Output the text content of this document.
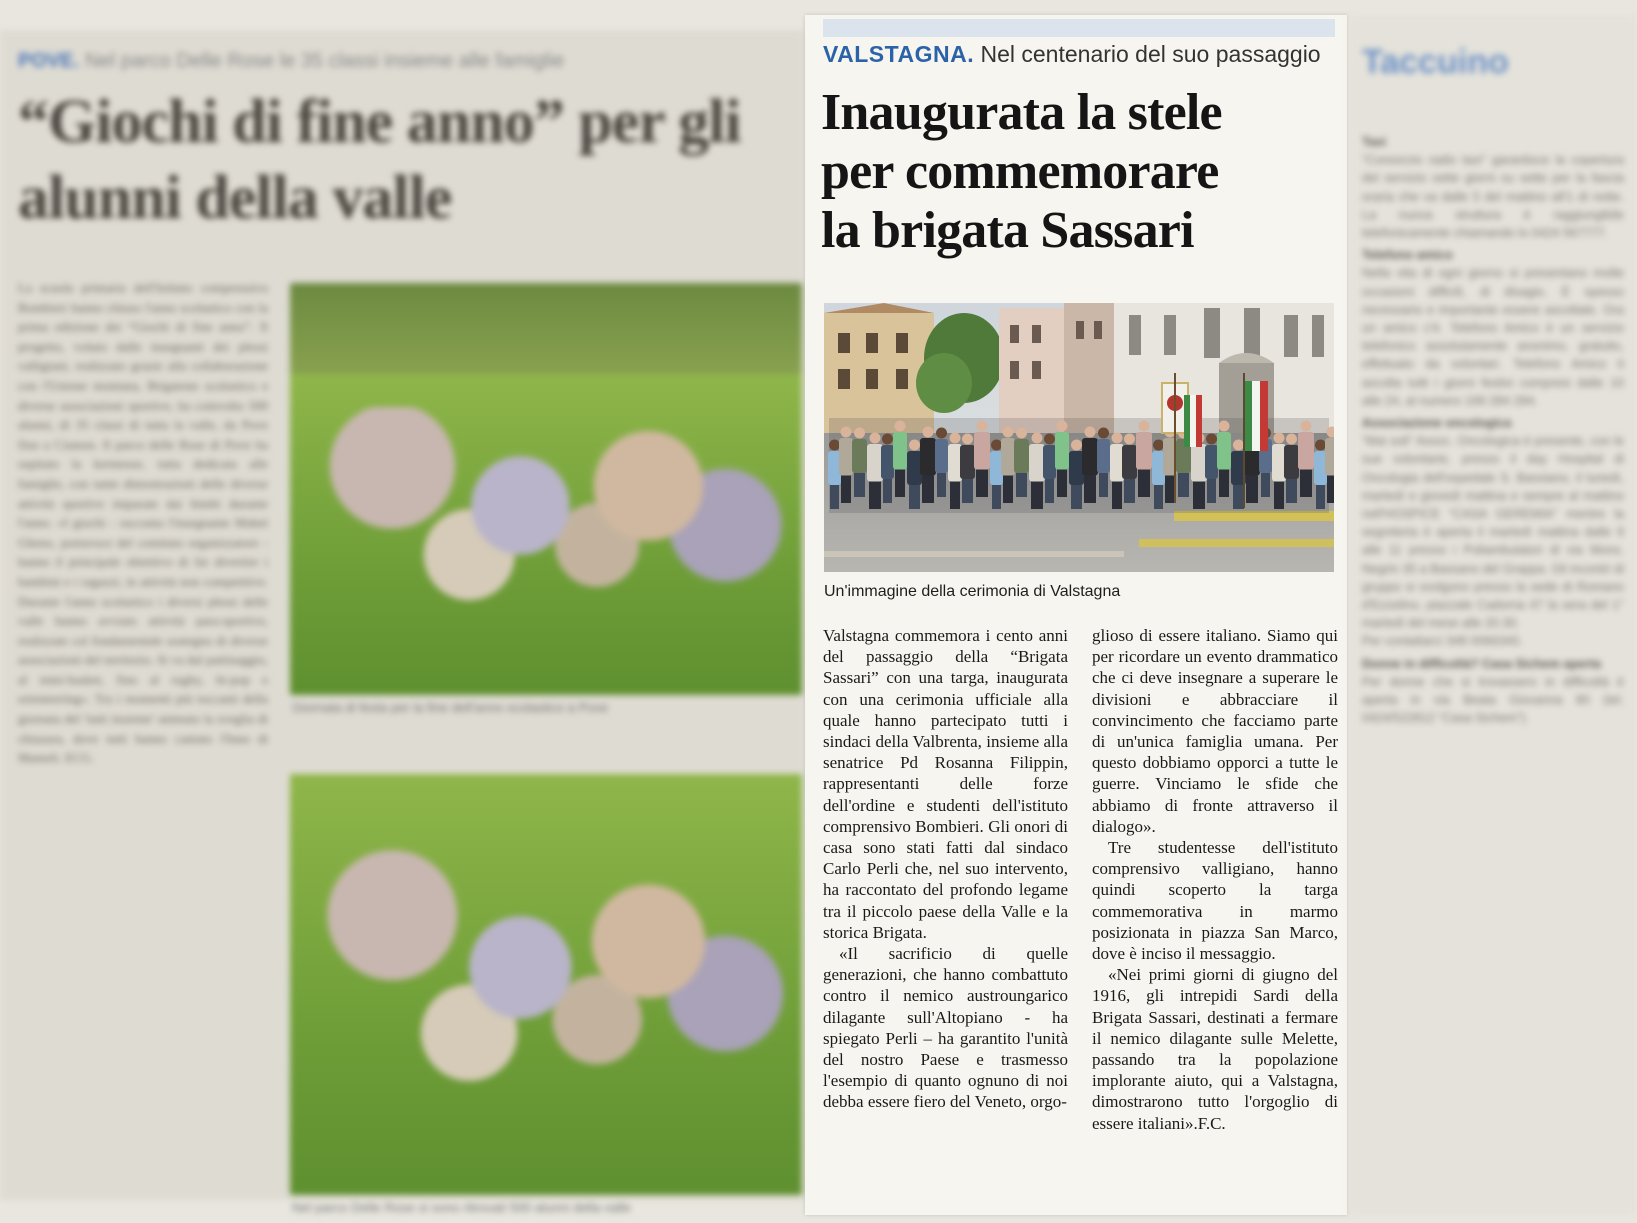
POVE. Nel parco Delle Rose le 35 classi insieme alle famiglie
“Giochi di fine anno” per gli alunni della valle
La scuola primaria dell'Istituto comprensivo Bombieri hanno chiuso l'anno scolastico con la prima edizione dei “Giochi di fine anno”. Il progetto, voluto dalle insegnanti dei plessi valligiani, realizzato grazie alla collaborazione con l'Unione montana, Brigatone scolastico e diverse associazioni sportive, ha coinvolto 500 alunni, di 35 classi di tutta la valle, da Pove fino a Cismon. Il parco delle Rose di Pove ha ospitato la kermesse, tutta dedicata alle famiglie, con tante dimostrazioni delle diverse attività sportive imparate dai bimbi durante l'anno. «I giochi - racconta l'insegnante Mabel Gheno, portavoce del comitato organizzatore - hanno il principale obiettivo di far divertire i bambini e i ragazzi, in attività non competitive. Durante l'anno scolastico i diversi plessi delle valle hanno avviato attività para-sportive, realizzate col fondamentale sostegno di diverse associazioni del territorio. Si va dal pattinaggio, al mini-basket, fino al rugby, hi-pop e orienteering». Tra i momenti più toccanti della giornata del 'tutti insieme' animato la sveglia di chiusura, dove tutti hanno cantato l'Inno di Mameli. ECG.
Giornata di festa per la fine dell'anno scolastico a Pove
Nel parco Delle Rose si sono ritrovati 500 alunni della valle
VALSTAGNA. Nel centenario del suo passaggio
Inaugurata la stele
per commemorare
la brigata Sassari
Un'immagine della cerimonia di Valstagna

Valstagna commemora i cento anni del passaggio della “Brigata Sassari” con una targa, inaugurata con una cerimonia ufficiale alla quale hanno partecipato tutti i sindaci della Valbrenta, insieme alla senatrice Pd Rosanna Filippin, rappresentanti delle forze dell'ordine e studenti dell'istituto comprensivo Bombieri. Gli onori di casa sono stati fatti dal sindaco Carlo Perli che, nel suo intervento, ha raccontato del profondo legame tra il piccolo paese della Valle e la storica Brigata.

«Il sacrificio di quelle generazioni, che hanno combattuto contro il nemico austroungarico dilagante sull'Altopiano - ha spiegato Perli – ha garantito l'unità del nostro Paese e trasmesso l'esempio di quanto ognuno di noi debba essere fiero del Veneto, orgo-

glioso di essere italiano. Siamo qui per ricordare un evento drammatico che ci deve insegnare a superare le divisioni e abbracciare il convincimento che facciamo parte di un'unica famiglia umana. Per questo dobbiamo opporci a tutte le guerre. Vinciamo le sfide che abbiamo di fronte attraverso il dialogo».

Tre studentesse dell'istituto comprensivo valligiano, hanno quindi scoperto la targa commemorativa in marmo posizionata in piazza San Marco, dove è inciso il messaggio.

«Nei primi giorni di giugno del 1916, gli intrepidi Sardi della Brigata Sassari, destinati a fermare il nemico dilagante sulle Melette, passando tra la popolazione implorante aiuto, qui a Valstagna, dimostrarono tutto l'orgoglio di essere italiani».F.C.

Taccuino
Taxi
“Consorzio radio taxi” garantisce la copertura del servizio sette giorni su sette per la fascia oraria che va dalle 5 del mattino all'1 di notte. La nuova struttura è raggiungibile telefonicamente chiamando lo 0424 567777.
Telefono amico
Nella vita di ogni giorno si presentano molte occasioni difficili, di disagio. È spesso necessario e importante essere ascoltate. Ora un amico c'è. Telefono Amico è un servizio telefonico assolutamente anonimo, gratuito, effettuato da volontari. Telefono Amico ti ascolta tutti i giorni festivi compresi dalle 10 alle 24, al numero 199 284 284.
Associazione oncologica
“Mai soli” Assoc. Oncologica è presente, con le sue volontarie, presso il day Hospital di Oncologia dell'ospedale S. Bassiano, il lunedì, martedì e giovedì mattina e sempre al mattino nell'HOSPICE “CASA GEREMIA” mentre la segreteria è aperta il martedì mattina dalle 9 alle 11 presso i Poliambulatori di via Mons. Negrin 35 a Bassano del Grappa. Gli incontri di gruppo si svolgono presso la sede di Romano d'Ezzelino, piazzale Cadorna 47 la sera del 1° martedì del mese alle 20.30.
Per contattarci 348 0066340.
Donne in difficoltà? Casa Sichem aperta
Per donne che si trovassero in difficoltà è aperta in via Beata Giovanna 80 (tel. 0424/522812 “Casa Sichem”).
